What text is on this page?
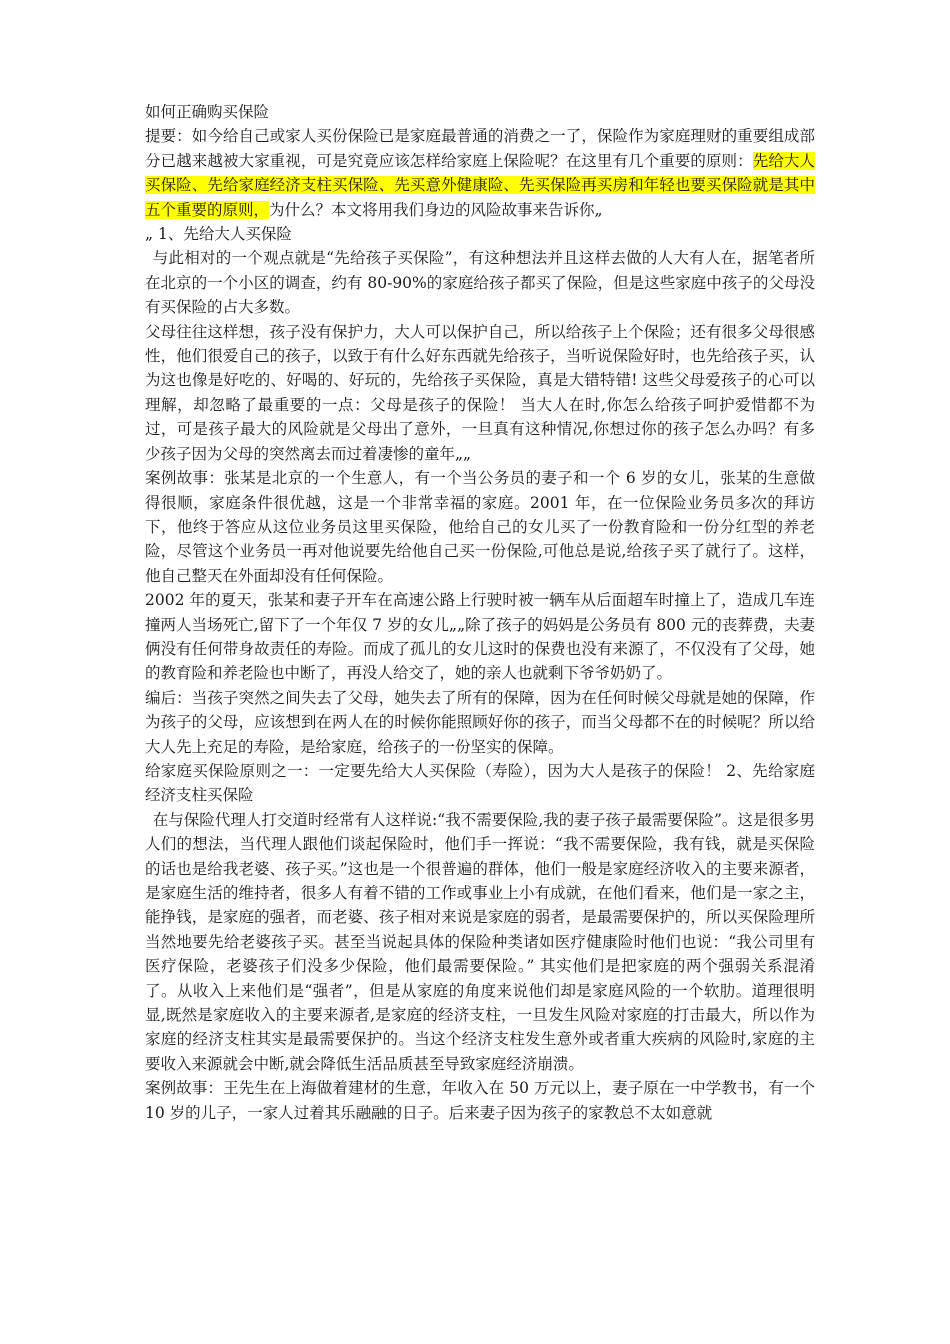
如何正确购买保险

提要：如今给自己或家人买份保险已是家庭最普通的消费之一了，保险作为家庭理财的重要组成部分已越来越被大家重视，可是究竟应该怎样给家庭上保险呢？在这里有几个重要的原则：先给大人买保险、先给家庭经济支柱买保险、先买意外健康险、先买保险再买房和年轻也要买保险就是其中五个重要的原则，为什么？本文将用我们身边的风险故事来告诉你„

„ 1、先给大人买保险

与此相对的一个观点就是“先给孩子买保险”，有这种想法并且这样去做的人大有人在，据笔者所在北京的一个小区的调查，约有 80-90%的家庭给孩子都买了保险，但是这些家庭中孩子的父母没有买保险的占大多数。

父母往往这样想，孩子没有保护力，大人可以保护自己，所以给孩子上个保险；还有很多父母很感性，他们很爱自己的孩子，以致于有什么好东西就先给孩子，当听说保险好时，也先给孩子买，认为这也像是好吃的、好喝的、好玩的，先给孩子买保险，真是大错特错! 这些父母爱孩子的心可以理解，却忽略了最重要的一点：父母是孩子的保险！ 当大人在时,你怎么给孩子呵护爱惜都不为过，可是孩子最大的风险就是父母出了意外，一旦真有这种情况,你想过你的孩子怎么办吗？有多少孩子因为父母的突然离去而过着凄惨的童年„„

案例故事：张某是北京的一个生意人，有一个当公务员的妻子和一个 6 岁的女儿，张某的生意做得很顺，家庭条件很优越，这是一个非常幸福的家庭。2001 年，在一位保险业务员多次的拜访下，他终于答应从这位业务员这里买保险，他给自己的女儿买了一份教育险和一份分红型的养老险，尽管这个业务员一再对他说要先给他自己买一份保险,可他总是说,给孩子买了就行了。这样，他自己整天在外面却没有任何保险。

2002 年的夏天，张某和妻子开车在高速公路上行驶时被一辆车从后面超车时撞上了，造成几车连撞两人当场死亡,留下了一个年仅 7 岁的女儿„„除了孩子的妈妈是公务员有 800 元的丧葬费，夫妻俩没有任何带身故责任的寿险。而成了孤儿的女儿这时的保费也没有来源了，不仅没有了父母，她的教育险和养老险也中断了，再没人给交了，她的亲人也就剩下爷爷奶奶了。

编后：当孩子突然之间失去了父母，她失去了所有的保障，因为在任何时候父母就是她的保障，作为孩子的父母，应该想到在两人在的时候你能照顾好你的孩子，而当父母都不在的时候呢？所以给大人先上充足的寿险，是给家庭，给孩子的一份坚实的保障。

给家庭买保险原则之一：一定要先给大人买保险（寿险），因为大人是孩子的保险！ 2、先给家庭经济支柱买保险

在与保险代理人打交道时经常有人这样说:“我不需要保险,我的妻子孩子最需要保险”。这是很多男人们的想法，当代理人跟他们谈起保险时，他们手一挥说：“我不需要保险，我有钱，就是买保险的话也是给我老婆、孩子买。”这也是一个很普遍的群体，他们一般是家庭经济收入的主要来源者，是家庭生活的维持者，很多人有着不错的工作或事业上小有成就，在他们看来，他们是一家之主，能挣钱，是家庭的强者，而老婆、孩子相对来说是家庭的弱者，是最需要保护的，所以买保险理所当然地要先给老婆孩子买。甚至当说起具体的保险种类诸如医疗健康险时他们也说：“我公司里有医疗保险，老婆孩子们没多少保险，他们最需要保险。” 其实他们是把家庭的两个强弱关系混淆了。从收入上来他们是“强者”，但是从家庭的角度来说他们却是家庭风险的一个软肋。道理很明显,既然是家庭收入的主要来源者,是家庭的经济支柱，一旦发生风险对家庭的打击最大，所以作为家庭的经济支柱其实是最需要保护的。当这个经济支柱发生意外或者重大疾病的风险时,家庭的主要收入来源就会中断,就会降低生活品质甚至导致家庭经济崩溃。

案例故事：王先生在上海做着建材的生意，年收入在 50 万元以上，妻子原在一中学教书，有一个 10 岁的儿子，一家人过着其乐融融的日子。后来妻子因为孩子的家教总不太如意就
